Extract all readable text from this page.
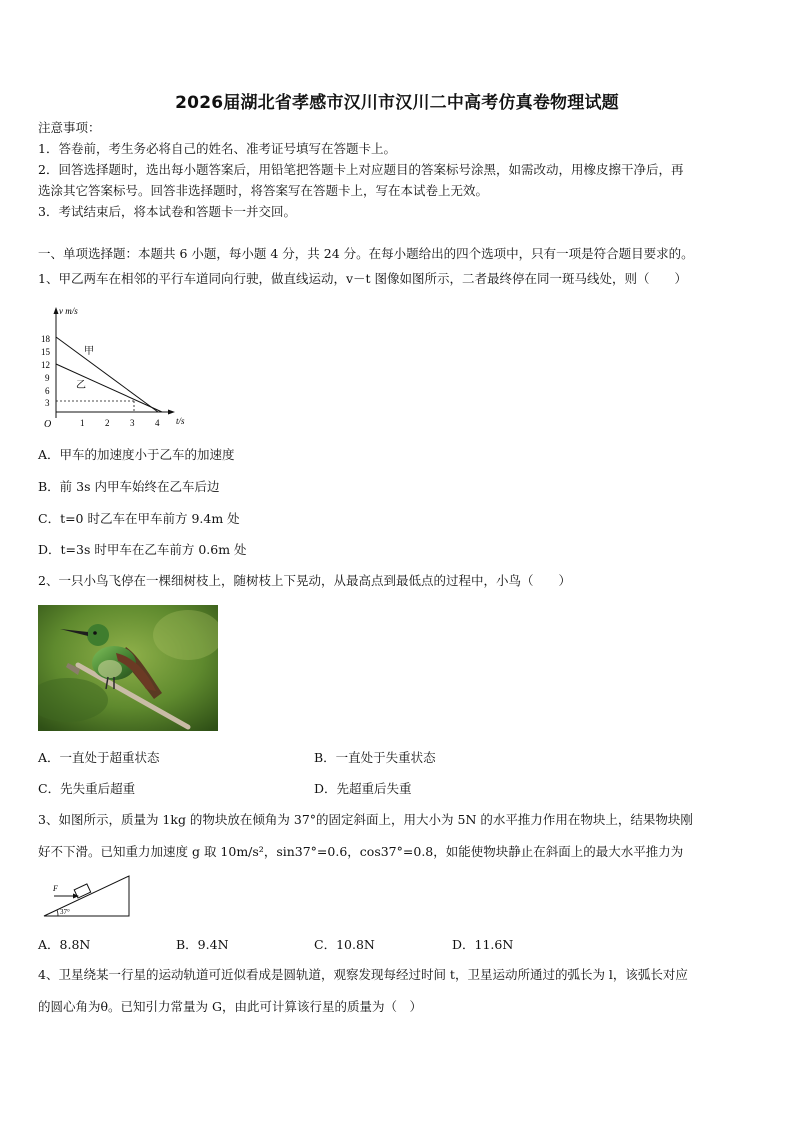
2026届湖北省孝感市汉川市汉川二中高考仿真卷物理试题
注意事项：
1．答卷前，考生务必将自己的姓名、准考证号填写在答题卡上。
2．回答选择题时，选出每小题答案后，用铅笔把答题卡上对应题目的答案标号涂黑，如需改动，用橡皮擦干净后，再
选涂其它答案标号。回答非选择题时，将答案写在答题卡上，写在本试卷上无效。
3．考试结束后，将本试卷和答题卡一并交回。
一、单项选择题：本题共 6 小题，每小题 4 分，共 24 分。在每小题给出的四个选项中，只有一项是符合题目要求的。
1、甲乙两车在相邻的平行车道同向行驶，做直线运动，v－t 图像如图所示，二者最终停在同一斑马线处，则（　　）
v m/s
t/s
O
18
15
12
9
6
3
1 2 3 4
甲
乙
A．甲车的加速度小于乙车的加速度
B．前 3s 内甲车始终在乙车后边
C．t=0 时乙车在甲车前方 9.4m 处
D．t=3s 时甲车在乙车前方 0.6m 处
2、一只小鸟飞停在一棵细树枝上，随树枝上下晃动，从最高点到最低点的过程中，小鸟（　　）
A．一直处于超重状态	B．一直处于失重状态
C．先失重后超重	D．先超重后失重
3、如图所示，质量为 1kg 的物块放在倾角为 37°的固定斜面上，用大小为 5N 的水平推力作用在物块上，结果物块刚
好不下滑。已知重力加速度 g 取 10m/s²，sin37°=0.6，cos37°=0.8，如能使物块静止在斜面上的最大水平推力为
F
37°
A．8.8N	B．9.4N	C．10.8N	D．11.6N
4、卫星绕某一行星的运动轨道可近似看成是圆轨道，观察发现每经过时间 t，卫星运动所通过的弧长为 l，该弧长对应
的圆心角为θ。已知引力常量为 G，由此可计算该行星的质量为（　）
